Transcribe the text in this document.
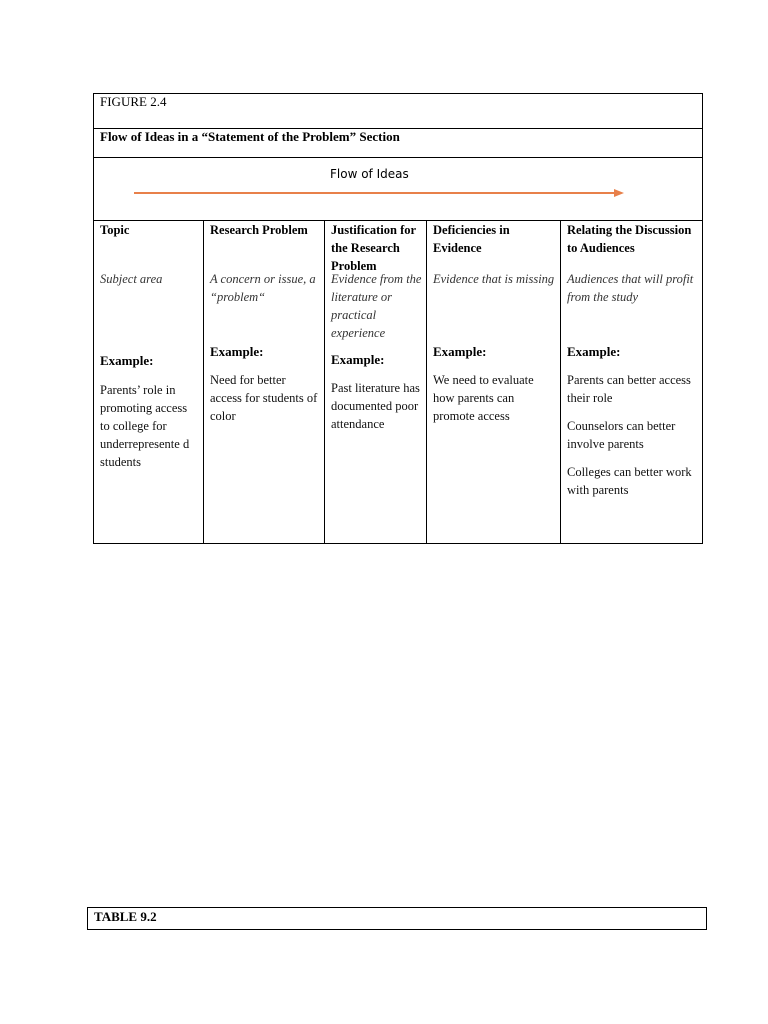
FIGURE 2.4
Flow of Ideas in a “Statement of the Problem” Section
Flow of Ideas
Topic
Subject area
Example:
Parents’ role in promoting access to college for underrepresente d students
Research Problem
A concern or issue, a “problem“
Example:
Need for better access for students of color
Justification for the Research Problem
Evidence from the literature or practical experience
Example:
Past literature has documented poor attendance
Deficiencies in Evidence
Evidence that is missing
Example:
We need to evaluate how parents can promote access
Relating the Discussion to Audiences
Audiences that will profit from the study
Example:
Parents can better access their role
Counselors can better involve parents
Colleges can better work with parents
TABLE 9.2
